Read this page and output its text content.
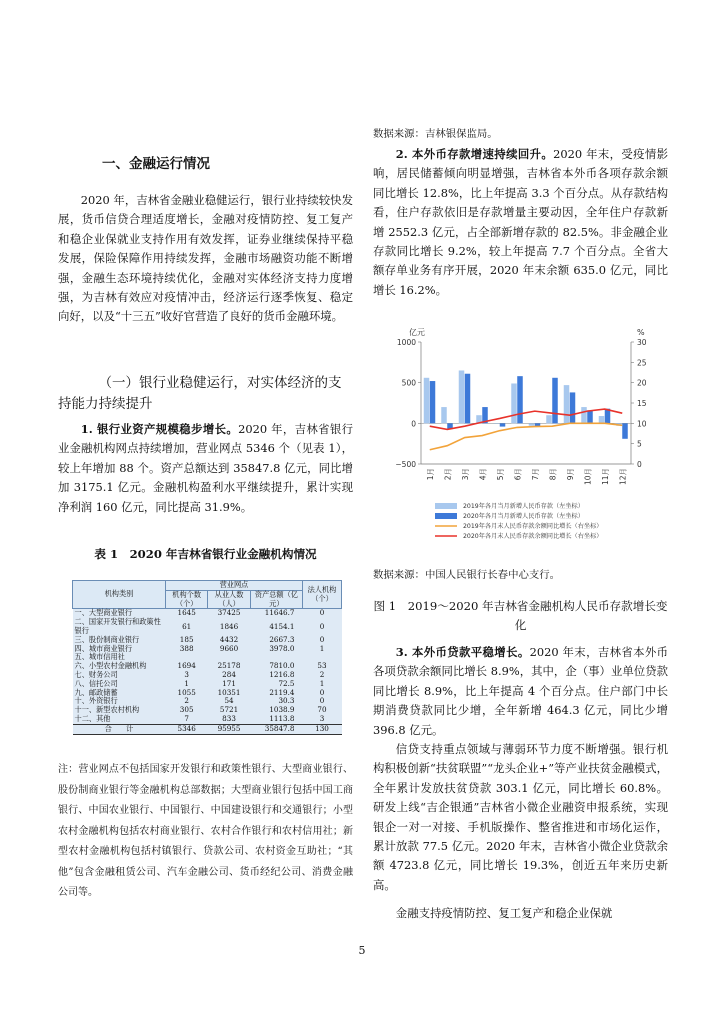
一、金融运行情况

2020 年，吉林省金融业稳健运行，银行业持续较快发展，货币信贷合理适度增长，金融对疫情防控、复工复产和稳企业保就业支持作用有效发挥，证券业继续保持平稳发展，保险保障作用持续发挥，金融市场融资功能不断增强，金融生态环境持续优化，金融对实体经济支持力度增强，为吉林有效应对疫情冲击，经济运行逐季恢复、稳定向好，以及“十三五”收好官营造了良好的货币金融环境。

（一）银行业稳健运行，对实体经济的支持能力持续提升

1. 银行业资产规模稳步增长。2020 年，吉林省银行业金融机构网点持续增加，营业网点 5346 个（见表 1），较上年增加 88 个。资产总额达到 35847.8 亿元，同比增加 3175.1 亿元。金融机构盈利水平继续提升，累计实现净利润 160 亿元，同比提高 31.9%。

表 1　2020 年吉林省银行业金融机构情况
机构类别	营业网点			法人机构（个）
	机构个数（个）	从业人数（人）	资产总额（亿元）	
一、大型商业银行	1645	37425	11646.7	0
二、国家开发银行和政策性银行	61	1846	4154.1	0
三、股份制商业银行	185	4432	2667.3	0
四、城市商业银行	388	9660	3978.0	1
五、城市信用社				
六、小型农村金融机构	1694	25178	7810.0	53
七、财务公司	3	284	1216.8	2
八、信托公司	1	171	72.5	1
九、邮政储蓄	1055	10351	2119.4	0
十、外资银行	2	54	30.3	0
十一、新型农村机构	305	5721	1038.9	70
十二、其他	7	833	1113.8	3
合　　计	5346	95955	35847.8	130

注：营业网点不包括国家开发银行和政策性银行、大型商业银行、股份制商业银行等金融机构总部数据；大型商业银行包括中国工商银行、中国农业银行、中国银行、中国建设银行和交通银行；小型农村金融机构包括农村商业银行、农村合作银行和农村信用社；新型农村金融机构包括村镇银行、贷款公司、农村资金互助社；“其他”包含金融租赁公司、汽车金融公司、货币经纪公司、消费金融公司等。

数据来源：吉林银保监局。

2. 本外币存款增速持续回升。2020 年末，受疫情影响，居民储蓄倾向明显增强，吉林省本外币各项存款余额同比增长 12.8%，比上年提高 3.3 个百分点。从存款结构看，住户存款依旧是存款增量主要动因，全年住户存款新增 2552.3 亿元，占全部新增存款的 82.5%。非金融企业存款同比增长 9.2%，较上年提高 7.7 个百分点。全省大额存单业务有序开展，2020 年末余额 635.0 亿元，同比增长 16.2%。

亿元	%
1000
500
0
−500
30
25
20
15
10
5
0
1月 2月 3月 4月 5月 6月 7月 8月 9月 10月 11月 12月
2019年各月当月新增人民币存款（左坐标）
2020年各月当月新增人民币存款（左坐标）
2019年各月末人民币存款余额同比增长（右坐标）
2020年各月末人民币存款余额同比增长（右坐标）
数据来源：中国人民银行长春中心支行。
图 1　2019～2020 年吉林省金融机构人民币存款增长变化

3. 本外币贷款平稳增长。2020 年末，吉林省本外币各项贷款余额同比增长 8.9%，其中，企（事）业单位贷款同比增长 8.9%，比上年提高 4 个百分点。住户部门中长期消费贷款同比少增，全年新增 464.3 亿元，同比少增 396.8 亿元。

信贷支持重点领域与薄弱环节力度不断增强。银行机构积极创新“扶贫联盟”“龙头企业+”等产业扶贫金融模式，全年累计发放扶贫贷款 303.1 亿元，同比增长 60.8%。研发上线“吉企银通”吉林省小微企业融资申报系统，实现银企一对一对接、手机版操作、整省推进和市场化运作，累计放款 77.5 亿元。2020 年末，吉林省小微企业贷款余额 4723.8 亿元，同比增长 19.3%，创近五年来历史新高。

金融支持疫情防控、复工复产和稳企业保就

5
